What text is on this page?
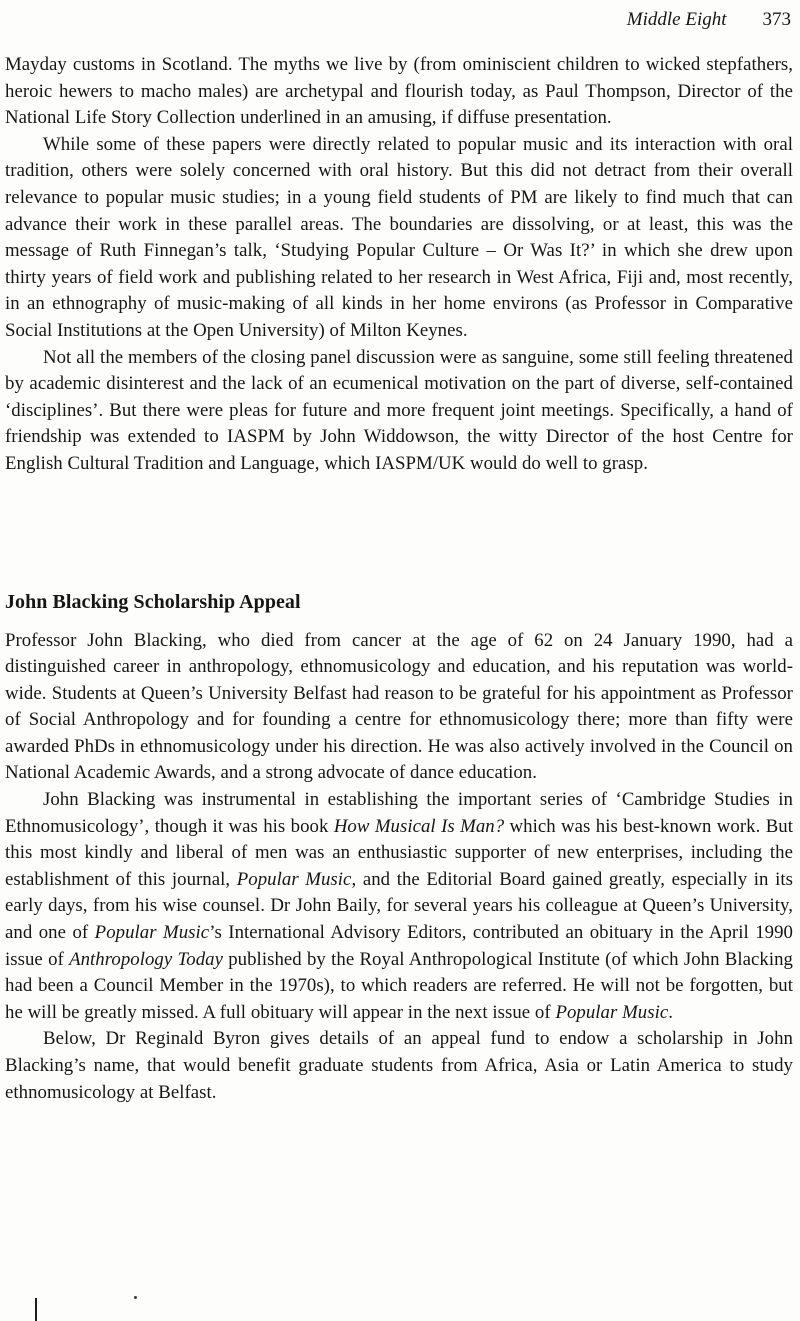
Middle Eight 373

Mayday customs in Scotland. The myths we live by (from ominiscient children to wicked stepfathers, heroic hewers to macho males) are archetypal and flourish today, as Paul Thompson, Director of the National Life Story Collection underlined in an amusing, if diffuse presentation.

While some of these papers were directly related to popular music and its interaction with oral tradition, others were solely concerned with oral history. But this did not detract from their overall relevance to popular music studies; in a young field students of PM are likely to find much that can advance their work in these parallel areas. The boundaries are dissolving, or at least, this was the message of Ruth Finnegan’s talk, ‘Studying Popular Culture – Or Was It?’ in which she drew upon thirty years of field work and publishing related to her research in West Africa, Fiji and, most recently, in an ethnography of music-making of all kinds in her home environs (as Professor in Comparative Social Institutions at the Open University) of Milton Keynes.

Not all the members of the closing panel discussion were as sanguine, some still feeling threatened by academic disinterest and the lack of an ecumenical motivation on the part of diverse, self-contained ‘disciplines’. But there were pleas for future and more frequent joint meetings. Specifically, a hand of friendship was extended to IASPM by John Widdowson, the witty Director of the host Centre for English Cultural Tradition and Language, which IASPM/UK would do well to grasp.

John Blacking Scholarship Appeal

Professor John Blacking, who died from cancer at the age of 62 on 24 January 1990, had a distinguished career in anthropology, ethnomusicology and education, and his reputation was world-wide. Students at Queen’s University Belfast had reason to be grateful for his appointment as Professor of Social Anthropology and for founding a centre for ethnomusicology there; more than fifty were awarded PhDs in ethnomusicology under his direction. He was also actively involved in the Council on National Academic Awards, and a strong advocate of dance education.

John Blacking was instrumental in establishing the important series of ‘Cambridge Studies in Ethnomusicology’, though it was his book How Musical Is Man? which was his best-known work. But this most kindly and liberal of men was an enthusiastic supporter of new enterprises, including the establishment of this journal, Popular Music, and the Editorial Board gained greatly, especially in its early days, from his wise counsel. Dr John Baily, for several years his colleague at Queen’s University, and one of Popular Music’s International Advisory Editors, contributed an obituary in the April 1990 issue of Anthropology Today published by the Royal Anthropological Institute (of which John Blacking had been a Council Member in the 1970s), to which readers are referred. He will not be forgotten, but he will be greatly missed. A full obituary will appear in the next issue of Popular Music.

Below, Dr Reginald Byron gives details of an appeal fund to endow a scholarship in John Blacking’s name, that would benefit graduate students from Africa, Asia or Latin America to study ethnomusicology at Belfast.
